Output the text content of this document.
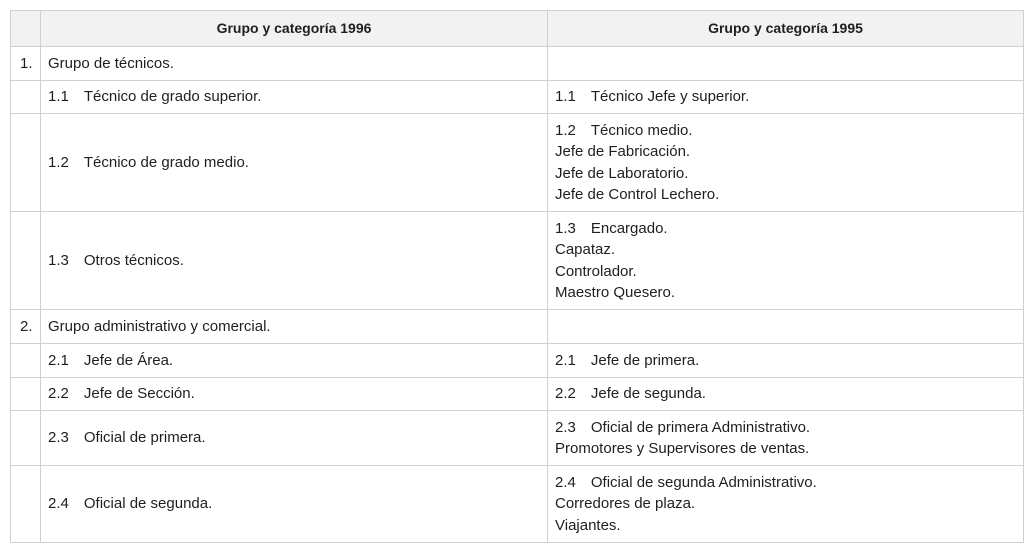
	Grupo y categoría 1996	Grupo y categoría 1995
1.	Grupo de técnicos.	
	1.1 Técnico de grado superior.	1.1 Técnico Jefe y superior.

	1.2 Técnico de grado medio.	1.2 Técnico medio.
Jefe de Fabricación.
Jefe de Laboratorio.
Jefe de Control Lechero.

	1.3 Otros técnicos.	1.3 Encargado.
Capataz.
Controlador.
Maestro Quesero.

2.	Grupo administrativo y comercial.	
	2.1 Jefe de Área.	2.1 Jefe de primera.

	2.2 Jefe de Sección.	2.2 Jefe de segunda.

	2.3 Oficial de primera.	2.3 Oficial de primera Administrativo.
Promotores y Supervisores de ventas.

	2.4 Oficial de segunda.	2.4 Oficial de segunda Administrativo.
Corredores de plaza.
Viajantes.
